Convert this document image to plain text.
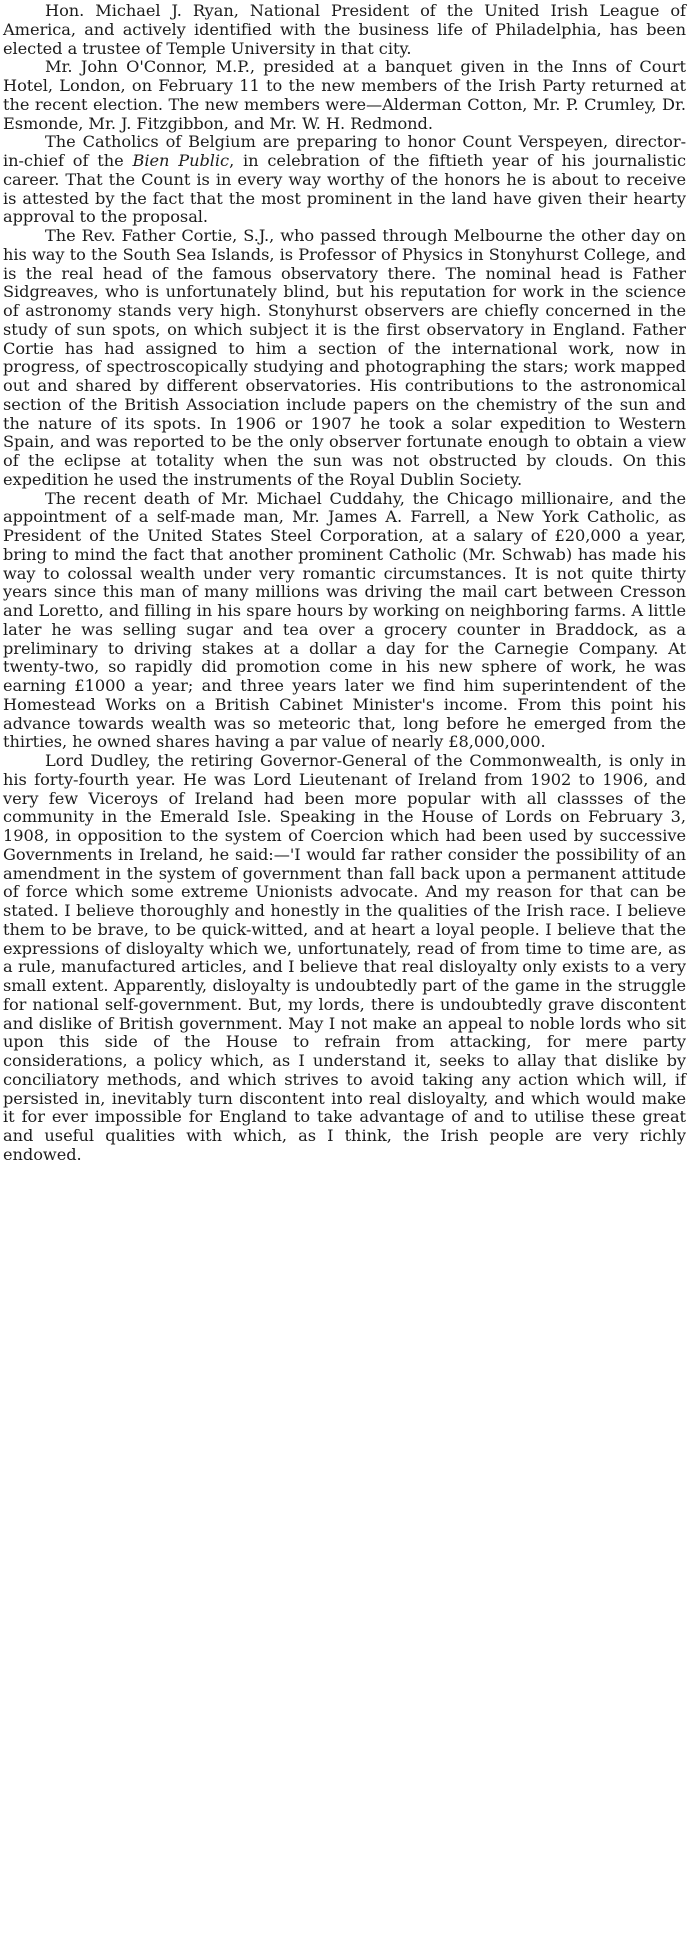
Hon. Michael J. Ryan, National President of the United Irish League of America, and actively identified with the business life of Philadelphia, has been elected a trustee of Temple University in that city.

Mr. John O'Connor, M.P., presided at a banquet given in the Inns of Court Hotel, London, on February 11 to the new members of the Irish Party returned at the recent election. The new members were—Alderman Cotton, Mr. P. Crumley, Dr. Esmonde, Mr. J. Fitzgibbon, and Mr. W. H. Redmond.

The Catholics of Belgium are preparing to honor Count Verspeyen, director-in-chief of the Bien Public, in celebration of the fiftieth year of his journalistic career. That the Count is in every way worthy of the honors he is about to receive is attested by the fact that the most prominent in the land have given their hearty approval to the proposal.

The Rev. Father Cortie, S.J., who passed through Melbourne the other day on his way to the South Sea Islands, is Professor of Physics in Stonyhurst College, and is the real head of the famous observatory there. The nominal head is Father Sidgreaves, who is unfortunately blind, but his reputation for work in the science of astronomy stands very high. Stonyhurst observers are chiefly concerned in the study of sun spots, on which subject it is the first observatory in England. Father Cortie has had assigned to him a section of the international work, now in progress, of spectroscopically studying and photographing the stars; work mapped out and shared by different observatories. His contributions to the astronomical section of the British Association include papers on the chemistry of the sun and the nature of its spots. In 1906 or 1907 he took a solar expedition to Western Spain, and was reported to be the only observer fortunate enough to obtain a view of the eclipse at totality when the sun was not obstructed by clouds. On this expedition he used the instruments of the Royal Dublin Society.

The recent death of Mr. Michael Cuddahy, the Chicago millionaire, and the appointment of a self-made man, Mr. James A. Farrell, a New York Catholic, as President of the United States Steel Corporation, at a salary of £20,000 a year, bring to mind the fact that another prominent Catholic (Mr. Schwab) has made his way to colossal wealth under very romantic circumstances. It is not quite thirty years since this man of many millions was driving the mail cart between Cresson and Loretto, and filling in his spare hours by working on neighboring farms. A little later he was selling sugar and tea over a grocery counter in Braddock, as a preliminary to driving stakes at a dollar a day for the Carnegie Company. At twenty-two, so rapidly did promotion come in his new sphere of work, he was earning £1000 a year; and three years later we find him superintendent of the Homestead Works on a British Cabinet Minister's income. From this point his advance towards wealth was so meteoric that, long before he emerged from the thirties, he owned shares having a par value of nearly £8,000,000.

Lord Dudley, the retiring Governor-General of the Commonwealth, is only in his forty-fourth year. He was Lord Lieutenant of Ireland from 1902 to 1906, and very few Viceroys of Ireland had been more popular with all classses of the community in the Emerald Isle. Speaking in the House of Lords on February 3, 1908, in opposition to the system of Coercion which had been used by successive Governments in Ireland, he said:—'I would far rather consider the possibility of an amendment in the system of government than fall back upon a permanent attitude of force which some extreme Unionists advocate. And my reason for that can be stated. I believe thoroughly and honestly in the qualities of the Irish race. I believe them to be brave, to be quick-witted, and at heart a loyal people. I believe that the expressions of disloyalty which we, unfortunately, read of from time to time are, as a rule, manufactured articles, and I believe that real disloyalty only exists to a very small extent. Apparently, disloyalty is undoubtedly part of the game in the struggle for national self-government. But, my lords, there is undoubtedly grave discontent and dislike of British government. May I not make an appeal to noble lords who sit upon this side of the House to refrain from attacking, for mere party considerations, a policy which, as I understand it, seeks to allay that dislike by conciliatory methods, and which strives to avoid taking any action which will, if persisted in, inevitably turn discontent into real disloyalty, and which would make it for ever impossible for England to take advantage of and to utilise these great and useful qualities with which, as I think, the Irish people are very richly endowed.
